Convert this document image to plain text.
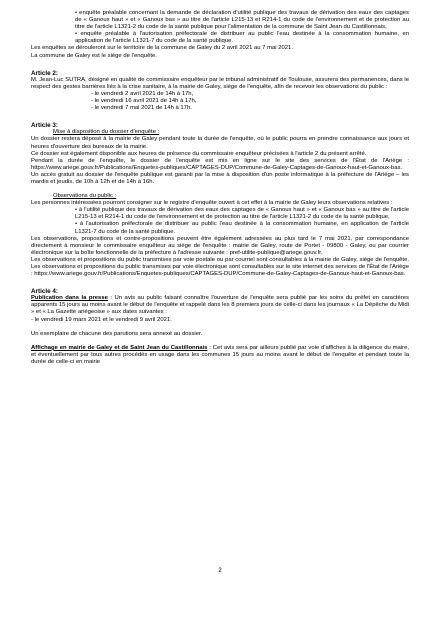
• enquête préalable concernant la demande de déclaration d'utilité publique des travaux de dérivation des eaux des captages de « Ganoux haut » et « Ganoux bas » au titre de l'article L215-13 et R214-1 du code de l'environnement et de protection au titre de l'article L1321-2 du code de la santé publique pour l'alimentation de la commune de Saint Jean du Castillonnais,

• enquête préalable à l'autorisation préfectorale de distribuer au public l'eau destinée à la consommation humaine, en application de l'article L1321-7 du code de la santé publique.

Les enquêtes se dérouleront sur le territoire de la commune de Galey du 2 avril 2021 au 7 mai 2021.

La commune de Galey est le siège de l'enquête.

Article 2:

M. Jean-Luc SUTRA, désigné en qualité de commissaire enquêteur par le tribunal administratif de Toulouse, assurera des permanences, dans le respect des gestes barrières liés à la crise sanitaire, à la mairie de Galey, siège de l'enquête, afin de recevoir les observations du public :

- le vendredi 2 avril 2021 de 14h à 17h,

- le vendredi 16 avril 2021 de 14h à 17h,

- le vendredi 7 mai 2021 de 14h à 17h.

Article 3:

Mise à disposition du dossier d'enquête :

Un dossier restera déposé à la mairie de Galey pendant toute la durée de l'enquête, où le public pourra en prendre connaissance aux jours et heures d'ouverture des bureaux de la mairie.

Ce dossier est également disponible aux heures de présence du commissaire enquêteur précisées à l'article 2 du présent arrêté.

Pendant la durée de l'enquête, le dossier de l'enquête est mis en ligne sur le site des services de l'État de l'Ariège : https://www.ariege.gouv.fr/Publications/Enquetes-publiques/CAPTAGES-DUP/Commune-de-Galey-Captages-de-Ganoux-haut-et-Ganoux-bas.

Un accès gratuit au dossier de l'enquête publique est garanti par la mise à disposition d'un poste informatique à la préfecture de l'Ariège – les mardis et jeudis, de 10h à 12h et de 14h à 16h.

Observations du public :

Les personnes intéressées pourront consigner sur le registre d'enquête ouvert à cet effet à la mairie de Galey leurs observations relatives :

• à l'utilité publique des travaux de dérivation des eaux des captages de « Ganoux haut » et « Ganoux bas » au titre de l'article L215-13 et R214-1 du code de l'environnement et de protection au titre de l'article L1321-2 du code de la santé publique,

• à l'autorisation préfectorale de distribuer au public l'eau destinée à la consommation humaine, en application de l'article L1321-7 du code de la santé publique.

Les observations, propositions et contre-propositions peuvent être également adressées au plus tard le 7 mai 2021, par correspondance directement à monsieur le commissaire enquêteur au siège de l'enquête : mairie de Galey, route de Portet - 09800 - Galey, ou par courrier électronique sur la boîte fonctionnelle de la préfecture à l'adresse suivante : pref-utilite-publique@ariege.gouv.fr.

Les observations et propositions du public transmises par voie postale ou par courriel sont consultables à la mairie de Galey, siège de l'enquête. Les observations et propositions du public transmises par voie électronique sont consultables sur le site internet des services de l'État de l'Ariège : https://www.ariege.gouv.fr/Publications/Enquetes-publiques/CAPTAGES-DUP/Commune-de-Galey-Captages-de-Ganoux-haut-et-Ganoux-bas.

Article 4:

Publication dans la presse : Un avis au public faisant connaître l'ouverture de l'enquête sera publié par les soins du préfet en caractères apparents 15 jours au moins avant le début de l'enquête et rappelé dans les 8 premiers jours de celle-ci dans les journaux « La Dépêche du Midi » et « La Gazette ariégeoise » aux dates suivantes :

- le vendredi 19 mars 2021 et le vendredi 9 avril 2021.

Un exemplaire de chacune des parutions sera annexé au dossier.

Affichage en mairie de Galey et de Saint Jean du Castillonnais : Cet avis sera par ailleurs publié par voie d'affiches à la diligence du maire, et éventuellement par tous autres procédés en usage dans les communes 15 jours au moins avant le début de l'enquête et pendant toute la durée de celle-ci en mairie

2
